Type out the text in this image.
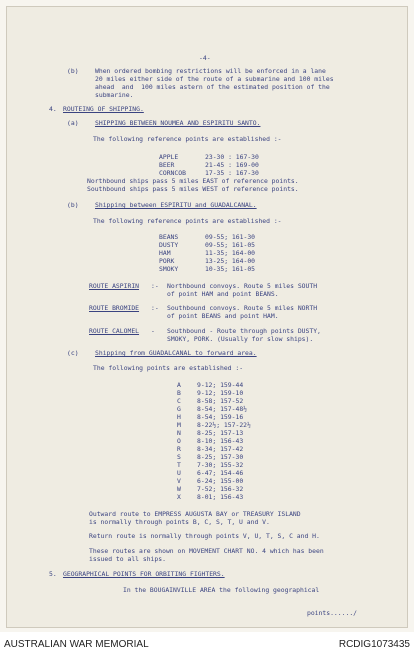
-4-
(b)	When ordered bombing restrictions will be enforced in a lane
20 miles either side of the route of a submarine and 100 miles
ahead  and  100 miles astern of the estimated position of the
submarine.
4. ROUTEING OF SHIPPING.
(a)	SHIPPING BETWEEN NOUMEA AND ESPIRITU SANTO.
The following reference points are established :-
APPLE	23-30 : 167-30
BEER	21-45 : 169-00
CORNCOB	17-35 : 167-30
Northbound ships pass 5 miles EAST of reference points.
Southbound ships pass 5 miles WEST of reference points.
(b)	Shipping between ESPIRITU and GUADALCANAL.
The following reference points are established :-
BEANS	09-55; 161-30
DUSTY	09-55; 161-05
HAM	11-35; 164-00
PORK	13-25; 164-00
SMOKY	10-35; 161-05
ROUTE ASPIRIN :- Northbound convoys. Route 5 miles SOUTH
of point HAM and point BEANS.
ROUTE BROMIDE :- Southbound convoys. Route 5 miles NORTH
of point BEANS and point HAM.
ROUTE CALOMEL - Southbound - Route through points DUSTY,
SMOKY, PORK. (Usually for slow ships).
(c)	Shipping from GUADALCANAL to forward area.
The following points are established :-
A	9-12; 159-44
B	9-12; 159-10
C	8-58; 157-52
G	8-54; 157-48½
H	8-54; 159-16
M	8-22½; 157-22½
N	8-25; 157-13
O	8-10; 156-43
R	8-34; 157-42
S	8-25; 157-30
T	7-30; 155-32
U	6-47; 154-46
V	6-24; 155-00
W	7-52; 156-32
X	8-01; 156-43
Outward route to EMPRESS AUGUSTA BAY or TREASURY ISLAND
is normally through points B, C, S, T, U and V.
Return route is normally through points V, U, T, S, C and H.
These routes are shown on MOVEMENT CHART NO. 4 which has been
issued to all ships.
5. GEOGRAPHICAL POINTS FOR ORBITING FIGHTERS.
In the BOUGAINVILLE AREA the following geographical
points....../
AUSTRALIAN WAR MEMORIAL	RCDIG1073435
